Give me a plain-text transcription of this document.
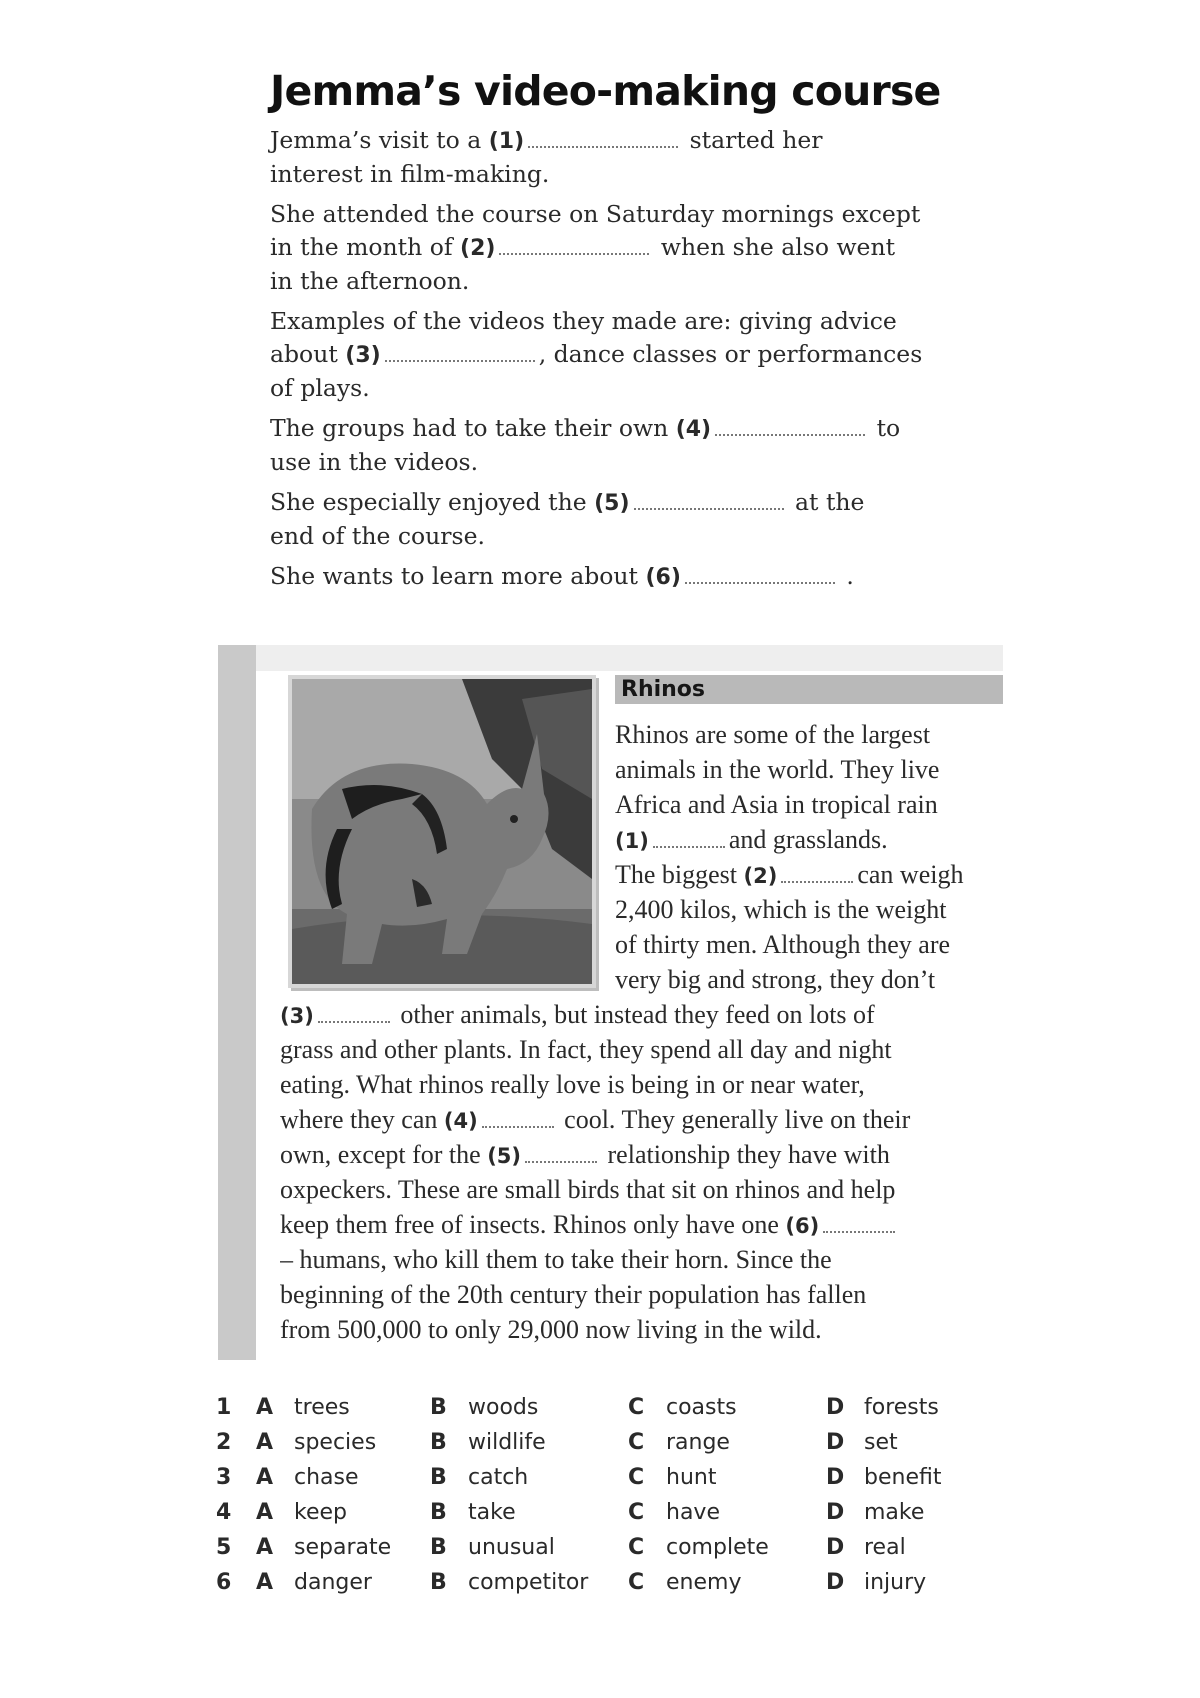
Jemma’s video-making course
Jemma’s visit to a (1)	started her
interest in film-making.
She attended the course on Saturday mornings except
in the month of (2)	when she also went
in the afternoon.
Examples of the videos they made are: giving advice
about (3)	, dance classes or performances
of plays.
The groups had to take their own (4)	to
use in the videos.
She especially enjoyed the (5)	at the
end of the course.
She wants to learn more about (6)	.
Rhinos
Rhinos are some of the largest
animals in the world. They live
Africa and Asia in tropical rain
(1)	and grasslands.
The biggest (2)	can weigh
2,400 kilos, which is the weight
of thirty men. Although they are
very big and strong, they don’t
(3)	other animals, but instead they feed on lots of
grass and other plants. In fact, they spend all day and night
eating. What rhinos really love is being in or near water,
where they can (4)	cool. They generally live on their
own, except for the (5)	relationship they have with
oxpeckers. These are small birds that sit on rhinos and help
keep them free of insects. Rhinos only have one (6)
– humans, who kill them to take their horn. Since the
beginning of the 20th century their population has fallen
from 500,000 to only 29,000 now living in the wild.
1	A	trees	B	woods	C	coasts	D	forests
2	A	species	B	wildlife	C	range	D	set
3	A	chase	B	catch	C	hunt	D	benefit
4	A	keep	B	take	C	have	D	make
5	A	separate	B	unusual	C	complete	D	real
6	A	danger	B	competitor	C	enemy	D	injury
